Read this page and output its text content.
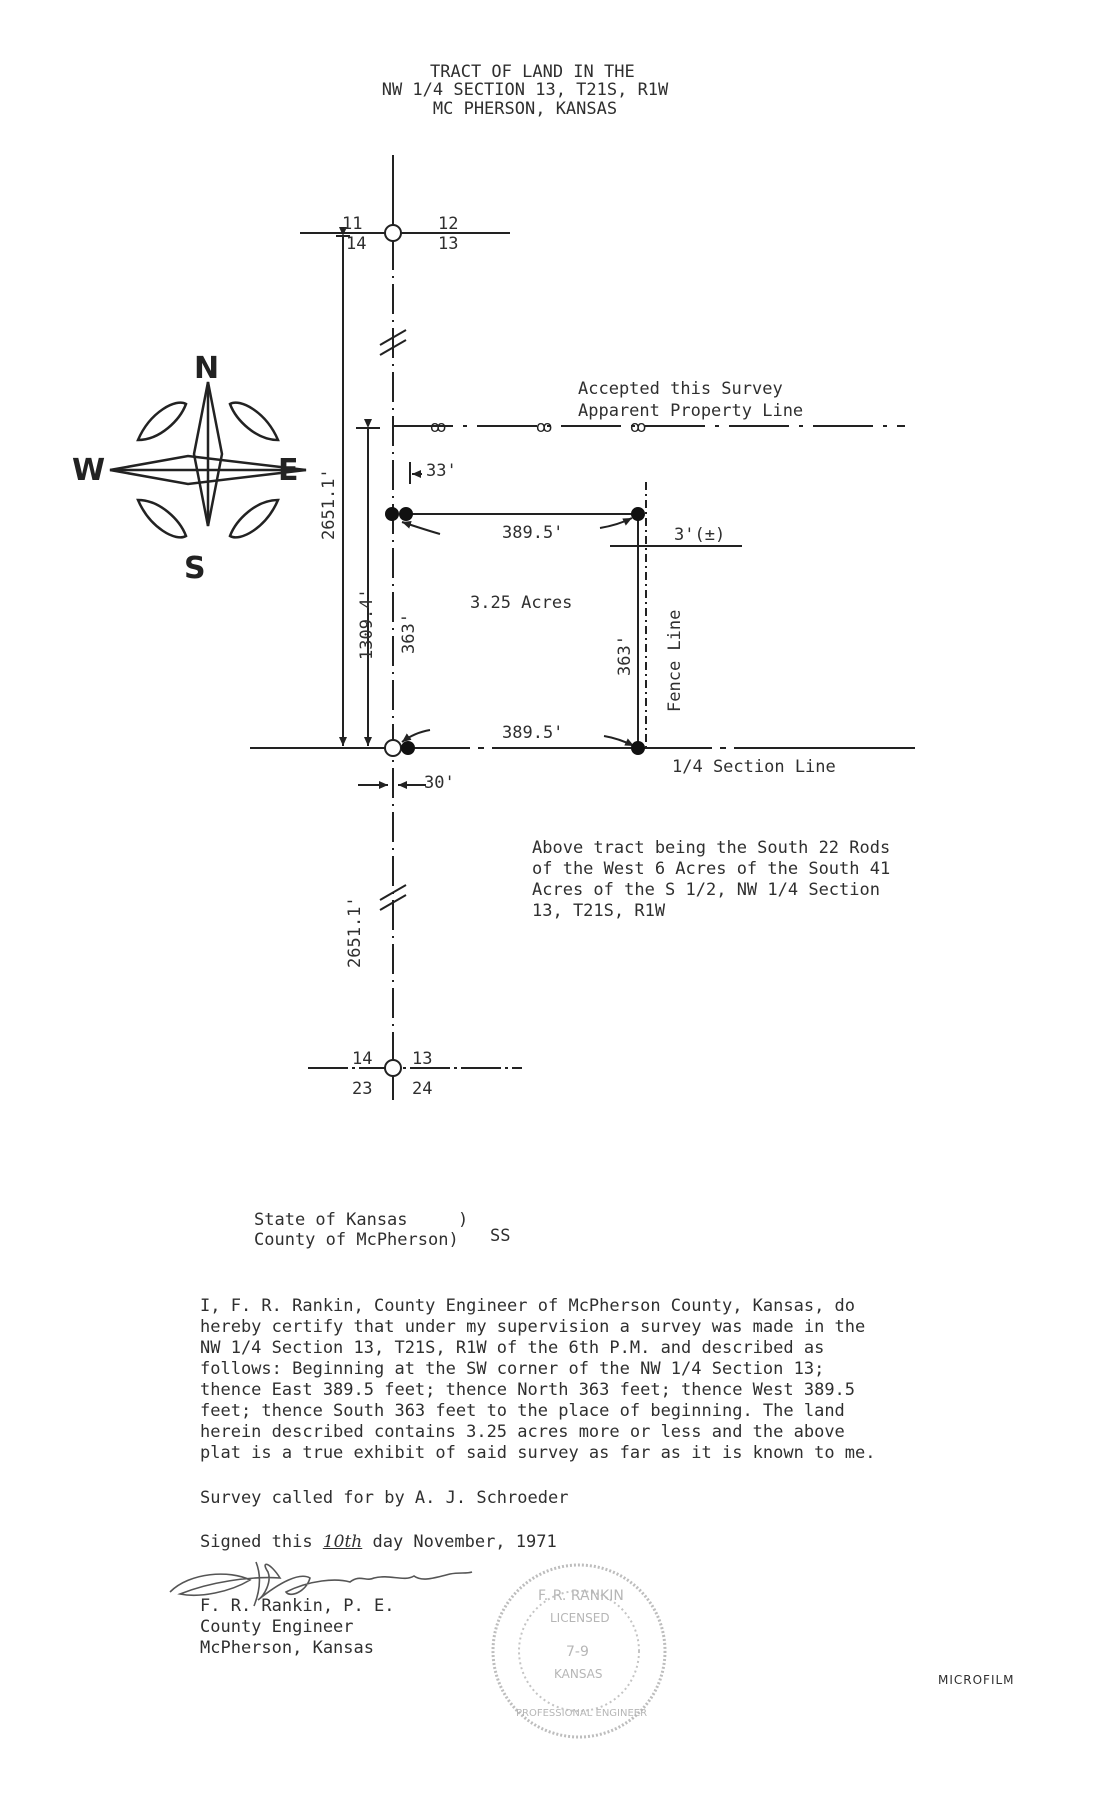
TRACT OF LAND IN THE
NW 1/4 SECTION 13, T21S, R1W
MC PHERSON, KANSAS
N
S
E
W
ꝏ	ꝏ	ꝏ
11	12
14	13
14 13
23 24
Accepted this Survey
Apparent Property Line
1/4 Section Line
3.25 Acres
389.5'
389.5'
33'
30'
3'(±)
2651.1'
1309.4' 363'
363' Fence Line
2651.1'
Above tract being the South 22 Rods
of the West 6 Acres of the South 41
Acres of the S 1/2, NW 1/4 Section
13, T21S, R1W
State of Kansas	)
County of McPherson) SS
I, F. R. Rankin, County Engineer of McPherson County, Kansas, do
hereby certify that under my supervision a survey was made in the
NW 1/4 Section 13, T21S, R1W of the 6th P.M. and described as
follows: Beginning at the SW corner of the NW 1/4 Section 13;
thence East 389.5 feet; thence North 363 feet; thence West 389.5
feet; thence South 363 feet to the place of beginning. The land
herein described contains 3.25 acres more or less and the above
plat is a true exhibit of said survey as far as it is known to me.
Survey called for by A. J. Schroeder
Signed this 10th day November, 1971
F. R. Rankin, P. E.
County Engineer
McPherson, Kansas
F. R. RANKIN
LICENSED
7-9
KANSAS
PROFESSIONAL ENGINEER
MICROFILM
